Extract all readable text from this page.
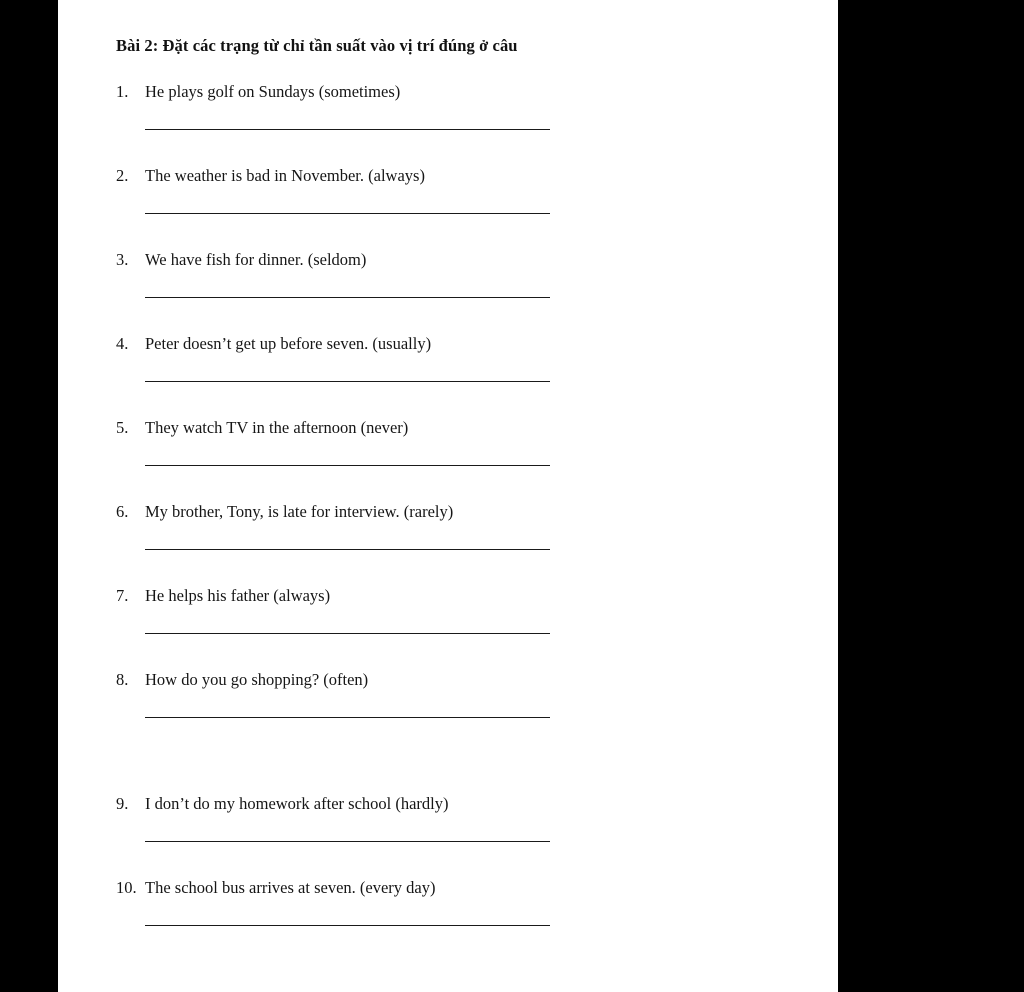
Bài 2: Đặt các trạng từ chỉ tần suất vào vị trí đúng ở câu
1.	He plays golf on Sundays (sometimes)
2.	The weather is bad in November. (always)
3.	We have fish for dinner. (seldom)
4.	Peter doesn’t get up before seven. (usually)
5.	They watch TV in the afternoon (never)
6.	My brother, Tony, is late for interview. (rarely)
7.	He helps his father (always)
8.	How do you go shopping? (often)
9.	I don’t do my homework after school (hardly)
10. The school bus arrives at seven. (every day)
